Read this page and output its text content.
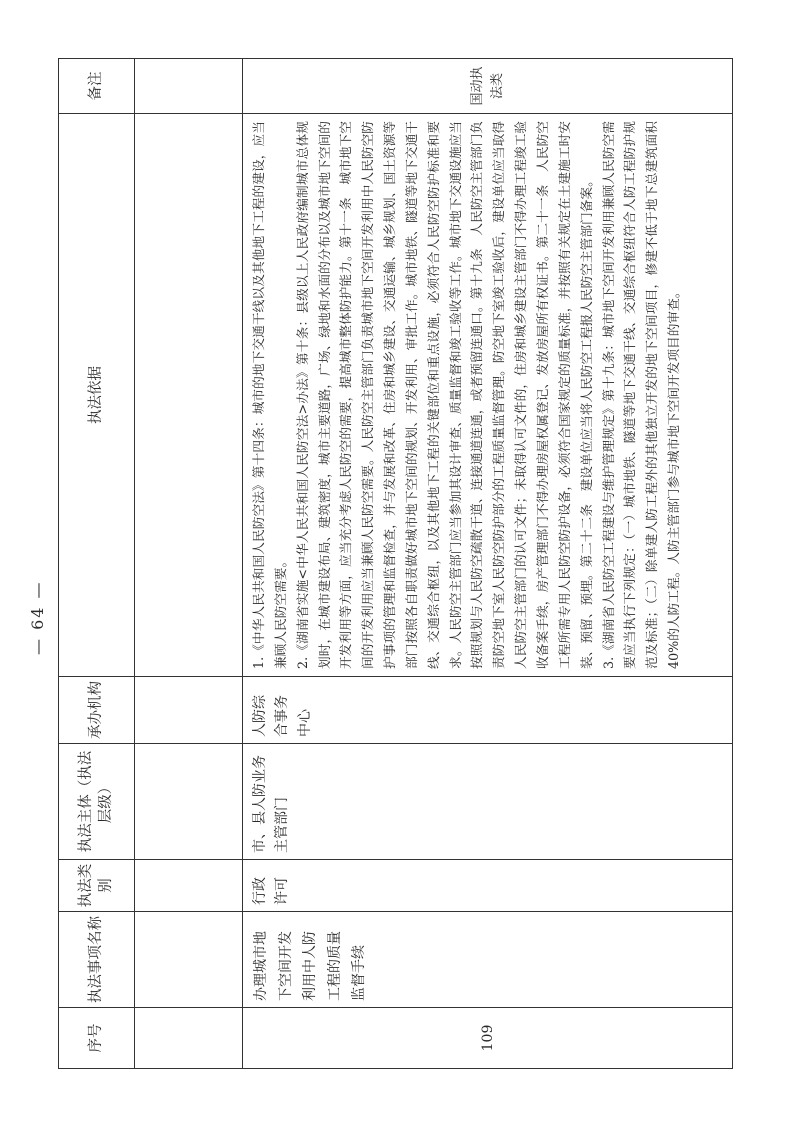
序号	执法事项名称	执法类别	执法主体（执法层级）	承办机构	执法依据	备注

109	办理城市地下空间开发利用中人防工程的质量监督手续	行政许可	市、县人防业务主管部门	人防综合事务中心	1.《中华人民共和国人民防空法》第十四条：城市的地下交通干线以及其他地下工程的建设，应当兼顾人民防空需要。 2.《湖南省实施<中华人民共和国人民防空法>办法》第十条：县级以上人民政府编制城市总体规划时，在城市建设布局、建筑密度，城市主要道路，广场、绿地和水面的分布以及城市地下空间的开发利用等方面，应当充分考虑人民防空的需要，提高城市整体防护能力。第十一条　城市地下空间的开发利用应当兼顾人民防空需要。人民防空主管部门负责城市地下空间开发利用中人民防空防护事项的管理和监督检查，并与发展和改革、住房和城乡建设、交通运输、城乡规划、国土资源等部门按照各自职责做好城市地下空间的规划、开发利用、审批工作。城市地铁、隧道等地下交通干线、交通综合枢纽，以及其他地下工程的关键部位和重点设施，必须符合人民防空防护标准和要求。人民防空主管部门应当参加其设计审查、质量监督和竣工验收等工作。城市地下交通设施应当按照规划与人民防空疏散干道、连接通道连通，或者预留连通口。第十九条　人民防空主管部门负责防空地下室人民防空防护部分的工程质量监督管理。防空地下室竣工验收后，建设单位应当取得人民防空主管部门的认可文件；未取得认可文件的，住房和城乡建设主管部门不得办理工程竣工验收备案手续，房产管理部门不得办理房屋权属登记、发放房屋所有权证书。第二十一条　人民防空工程所需专用人民防空防护设备，必须符合国家规定的质量标准，并按照有关规定在土建施工时安装、预留、预埋。第二十二条　建设单位应当将人民防空工程报人民防空主管部门备案。 3.《湖南省人民防空工程建设与维护管理规定》第十九条：城市地下空间开发利用兼顾人民防空需要应当执行下列规定：（一）城市地铁、隧道等地下交通干线、交通综合枢纽符合人防工程防护规范及标准；（二）除单建人防工程外的其他独立开发的地下空间项目，修建不低于地下总建筑面积40%的人防工程。人防主管部门参与城市地下空间开发项目的审查。	国动执法类
— 64 —
